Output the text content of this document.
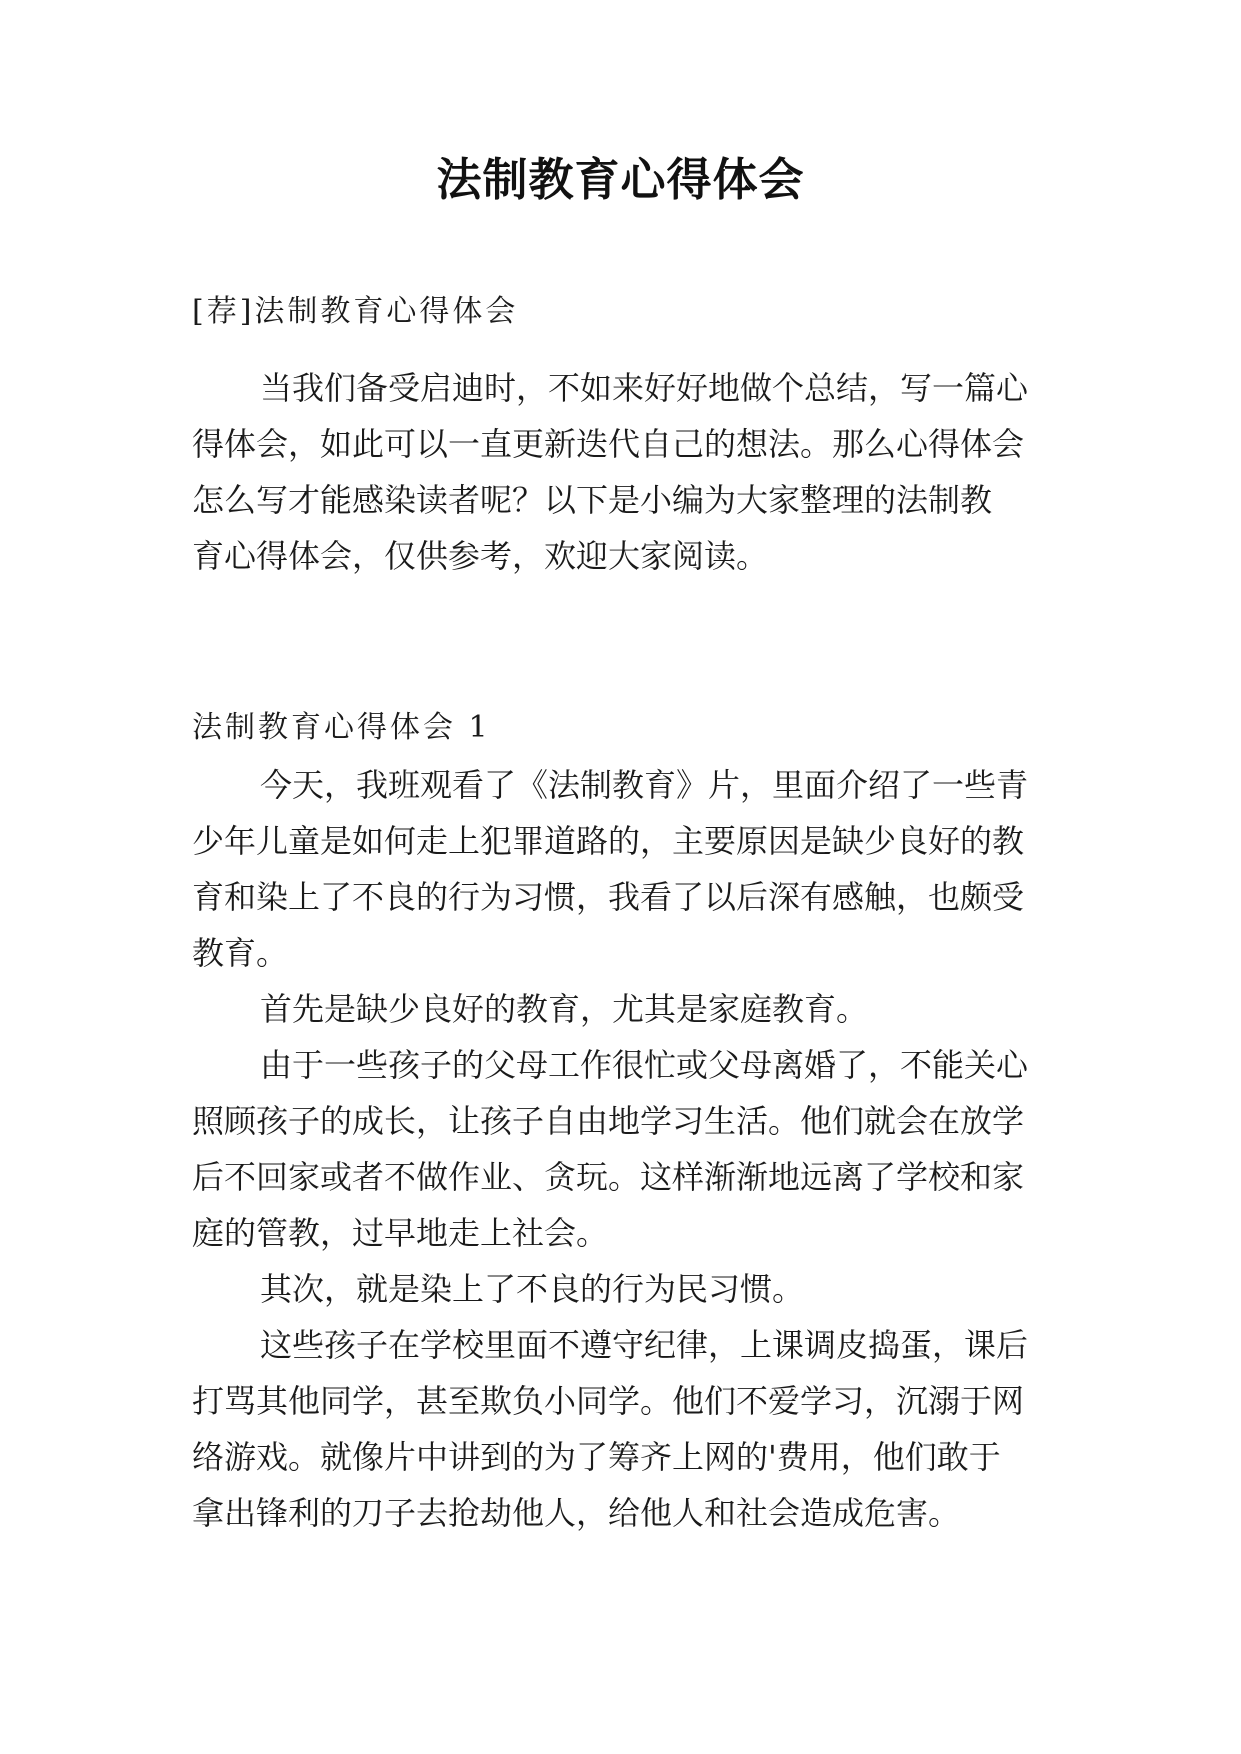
法制教育心得体会
[荐]法制教育心得体会
当我们备受启迪时，不如来好好地做个总结，写一篇心
得体会，如此可以一直更新迭代自己的想法。那么心得体会
怎么写才能感染读者呢？以下是小编为大家整理的法制教
育心得体会，仅供参考，欢迎大家阅读。
法制教育心得体会 1
今天，我班观看了《法制教育》片，里面介绍了一些青
少年儿童是如何走上犯罪道路的，主要原因是缺少良好的教
育和染上了不良的行为习惯，我看了以后深有感触，也颇受
教育。
首先是缺少良好的教育，尤其是家庭教育。
由于一些孩子的父母工作很忙或父母离婚了，不能关心
照顾孩子的成长，让孩子自由地学习生活。他们就会在放学
后不回家或者不做作业、贪玩。这样渐渐地远离了学校和家
庭的管教，过早地走上社会。
其次，就是染上了不良的行为民习惯。
这些孩子在学校里面不遵守纪律，上课调皮捣蛋，课后
打骂其他同学，甚至欺负小同学。他们不爱学习，沉溺于网
络游戏。就像片中讲到的为了筹齐上网的'费用，他们敢于
拿出锋利的刀子去抢劫他人，给他人和社会造成危害。
